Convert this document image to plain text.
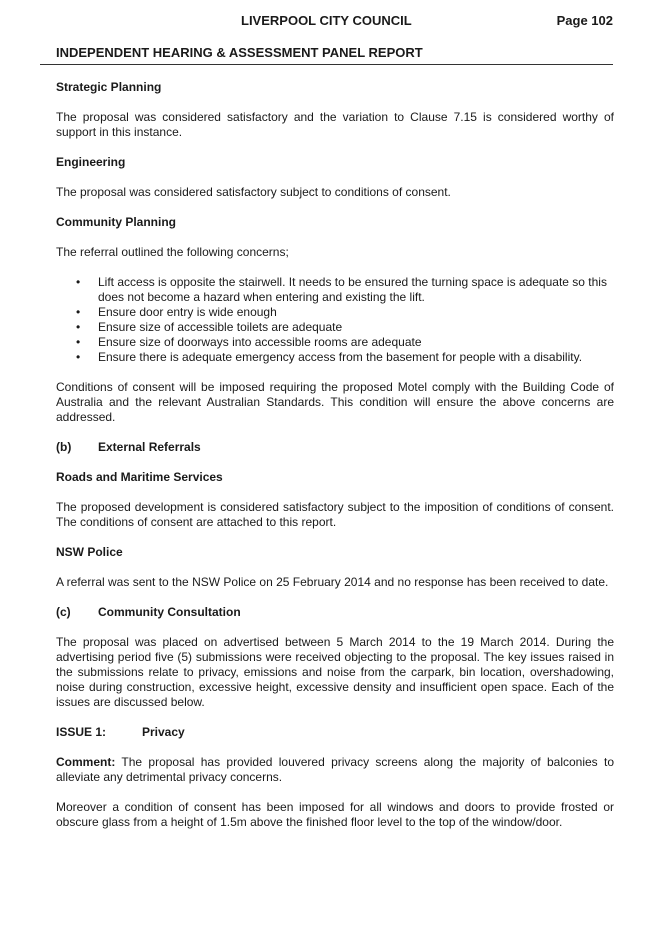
LIVERPOOL CITY COUNCIL	Page 102
INDEPENDENT HEARING & ASSESSMENT PANEL REPORT
Strategic Planning

The proposal was considered satisfactory and the variation to Clause 7.15 is considered worthy of support in this instance.

Engineering

The proposal was considered satisfactory subject to conditions of consent.

Community Planning

The referral outlined the following concerns;

• Lift access is opposite the stairwell. It needs to be ensured the turning space is adequate so this does not become a hazard when entering and existing the lift.
• Ensure door entry is wide enough
• Ensure size of accessible toilets are adequate
• Ensure size of doorways into accessible rooms are adequate
• Ensure there is adequate emergency access from the basement for people with a disability.

Conditions of consent will be imposed requiring the proposed Motel comply with the Building Code of Australia and the relevant Australian Standards. This condition will ensure the above concerns are addressed.

(b)	External Referrals
Roads and Maritime Services

The proposed development is considered satisfactory subject to the imposition of conditions of consent. The conditions of consent are attached to this report.

NSW Police

A referral was sent to the NSW Police on 25 February 2014 and no response has been received to date.

(c)	Community Consultation

The proposal was placed on advertised between 5 March 2014 to the 19 March 2014. During the advertising period five (5) submissions were received objecting to the proposal. The key issues raised in the submissions relate to privacy, emissions and noise from the carpark, bin location, overshadowing, noise during construction, excessive height, excessive density and insufficient open space. Each of the issues are discussed below.

ISSUE 1:	Privacy

Comment: The proposal has provided louvered privacy screens along the majority of balconies to alleviate any detrimental privacy concerns.

Moreover a condition of consent has been imposed for all windows and doors to provide frosted or obscure glass from a height of 1.5m above the finished floor level to the top of the window/door.
